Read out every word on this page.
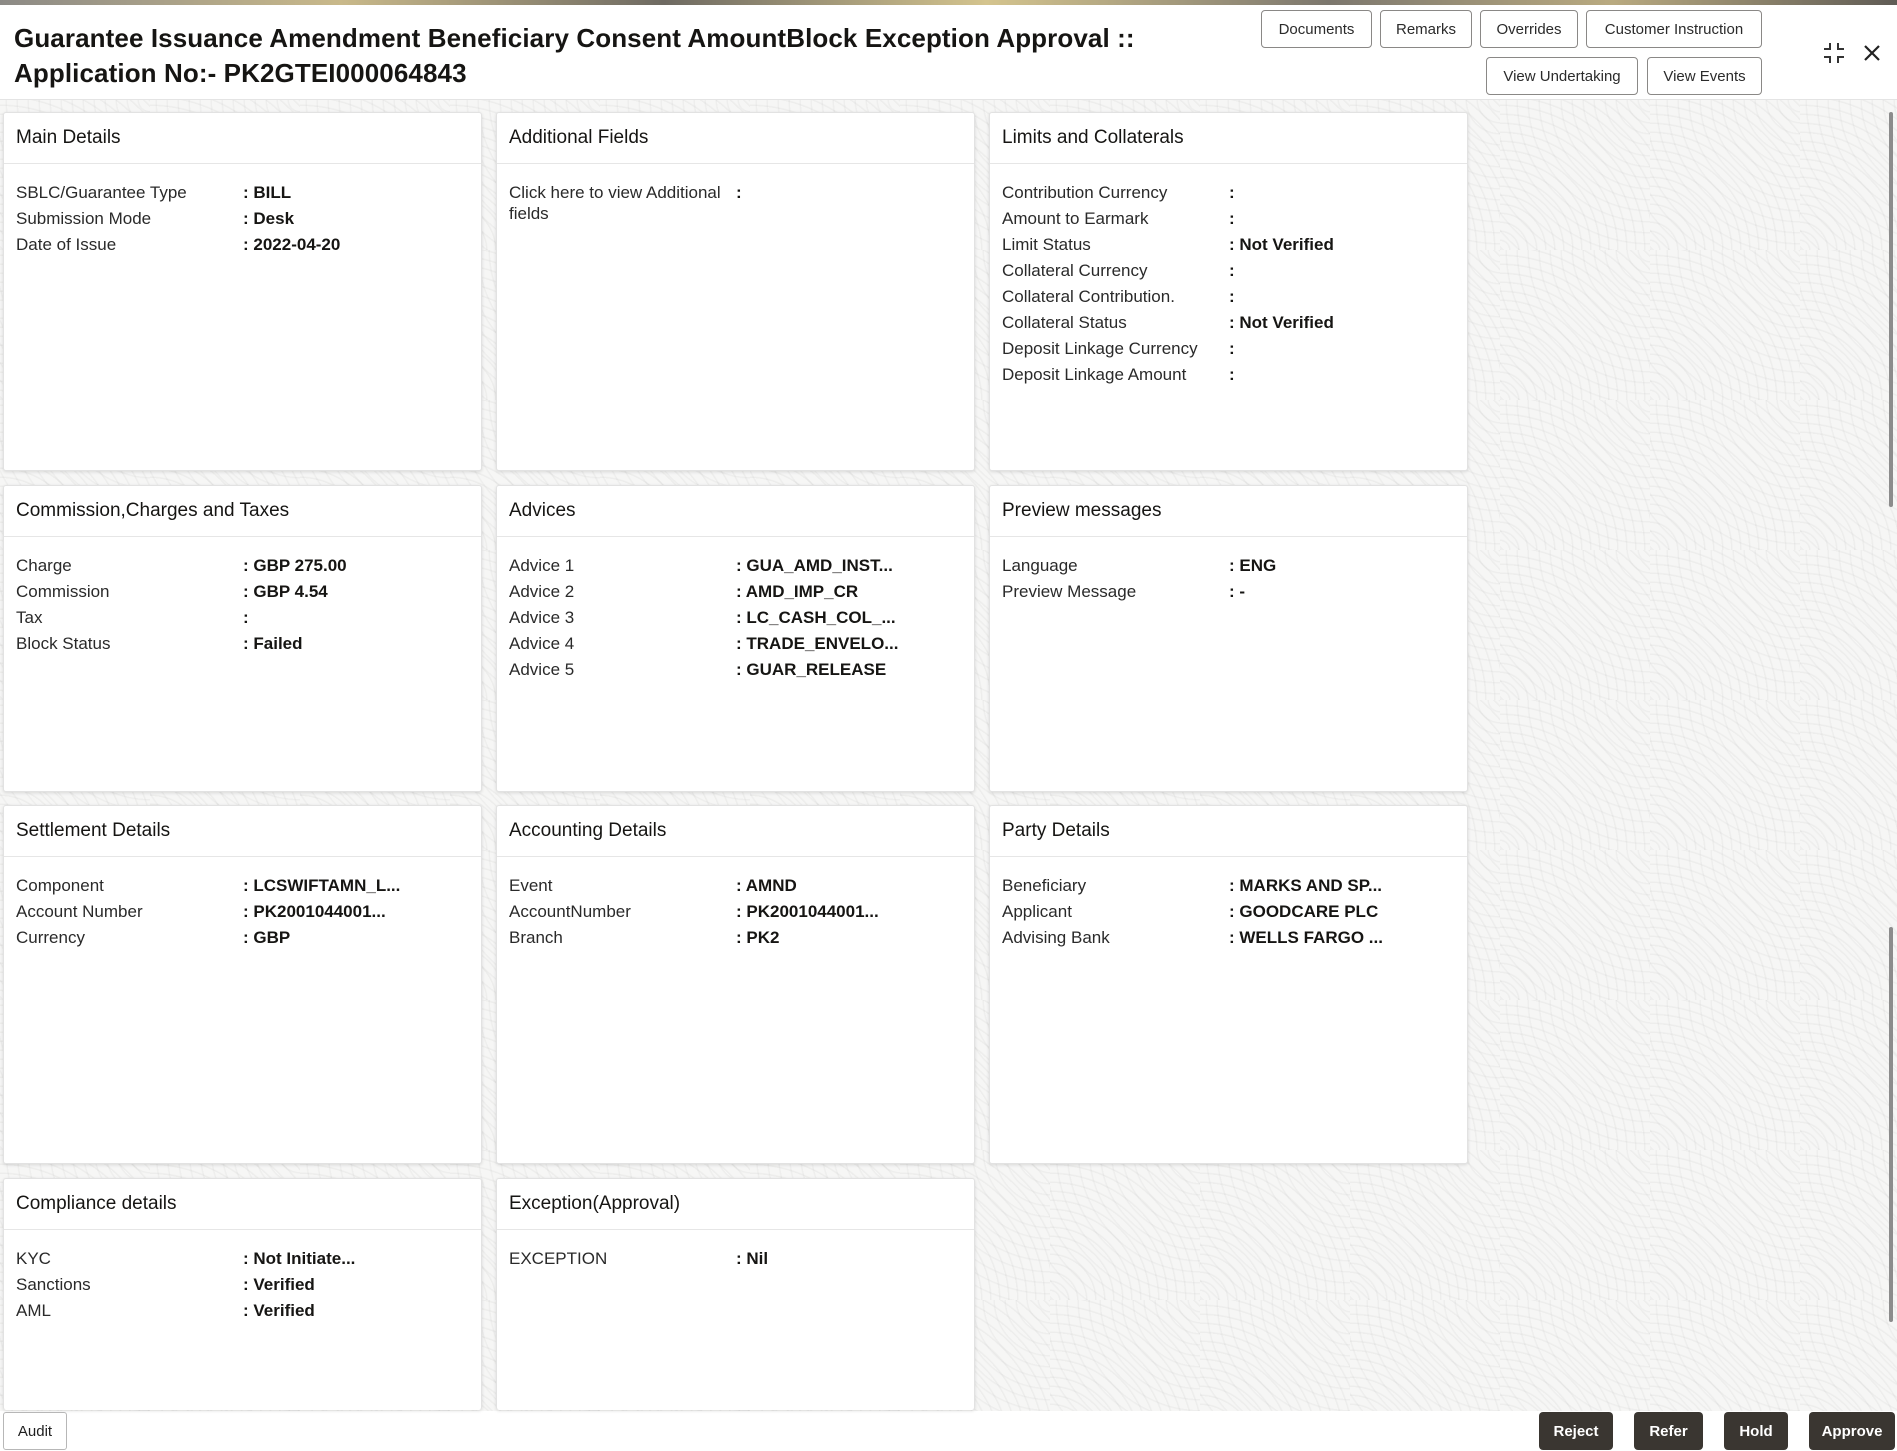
Guarantee Issuance Amendment Beneficiary Consent AmountBlock Exception Approval ::
Application No:- PK2GTEI000064843
Documents	Remarks	Overrides	Customer Instruction
View Undertaking	View Events
Main Details
SBLC/Guarantee Type	: BILL
Submission Mode	: Desk
Date of Issue	: 2022-04-20
Additional Fields
Click here to view Additional fields
:
Limits and Collaterals
Contribution Currency	:
Amount to Earmark	:
Limit Status	: Not Verified
Collateral Currency	:
Collateral Contribution.	:
Collateral Status	: Not Verified
Deposit Linkage Currency	:
Deposit Linkage Amount	:
Commission,Charges and Taxes
Charge	: GBP 275.00
Commission	: GBP 4.54
Tax	:
Block Status	: Failed
Advices
Advice 1	: GUA_AMD_INST...
Advice 2	: AMD_IMP_CR
Advice 3	: LC_CASH_COL_...
Advice 4	: TRADE_ENVELO...
Advice 5	: GUAR_RELEASE
Preview messages
Language	: ENG
Preview Message	: -
Settlement Details
Component	: LCSWIFTAMN_L...
Account Number	: PK2001044001...
Currency	: GBP
Accounting Details
Event	: AMND
AccountNumber	: PK2001044001...
Branch	: PK2
Party Details
Beneficiary	: MARKS AND SP...
Applicant	: GOODCARE PLC
Advising Bank	: WELLS FARGO ...
Compliance details
KYC	: Not Initiate...
Sanctions	: Verified
AML	: Verified
Exception(Approval)
EXCEPTION	: Nil
Audit	Reject	Refer	Hold	Approve
